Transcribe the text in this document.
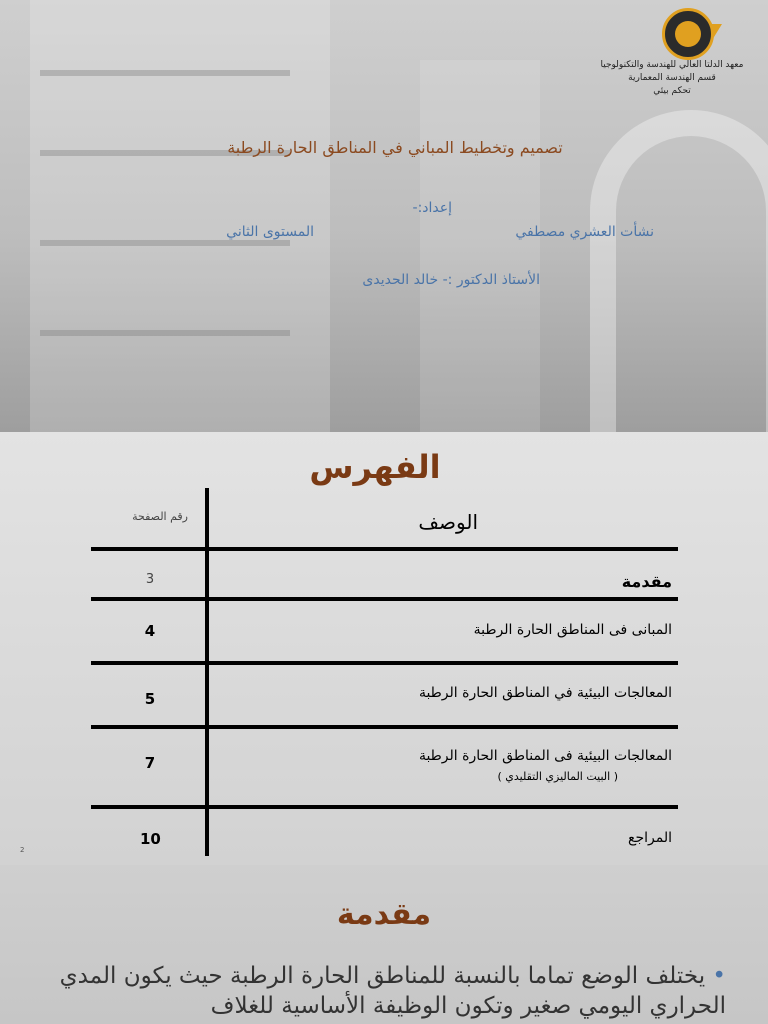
معهد الدلتا العالي للهندسة والتكنولوجيا
قسم الهندسة المعمارية
تحكم بيئي
تصميم وتخطيط المباني في المناطق الحارة الرطبة
إعداد:-
نشأت العشري مصطفي
المستوى الثاني
الأستاذ الدكتور :- خالد الحديدى
الفهرس
الوصف
رقم الصفحة
مقدمة
3
المبانى فى المناطق الحارة الرطبة
4
المعالجات البيئية في المناطق الحارة الرطبة
5
المعالجات البيئية فى المناطق الحارة الرطبة
( البيت الماليزي التقليدي )
7
المراجع
10
2
مقدمة
• يختلف الوضع تماما بالنسبة للمناطق الحارة الرطبة حيث يكون المدي الحراري اليومي صغير وتكون الوظيفة الأساسية للغلاف
